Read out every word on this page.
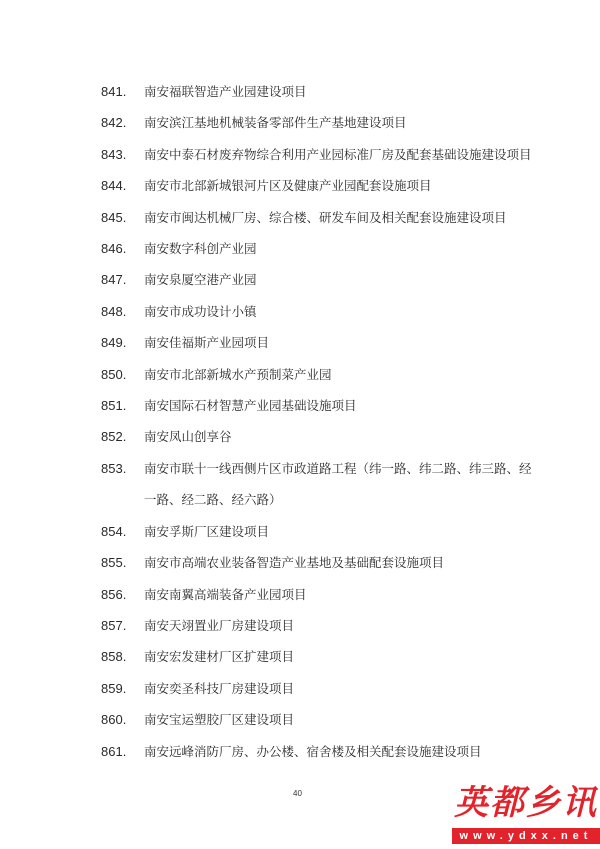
841.	南安福联智造产业园建设项目
842.	南安滨江基地机械装备零部件生产基地建设项目
843.	南安中泰石材废弃物综合利用产业园标准厂房及配套基础设施建设项目
844.	南安市北部新城银河片区及健康产业园配套设施项目
845.	南安市闽达机械厂房、综合楼、研发车间及相关配套设施建设项目
846.	南安数字科创产业园
847.	南安泉厦空港产业园
848.	南安市成功设计小镇
849.	南安佳福斯产业园项目
850.	南安市北部新城水产预制菜产业园
851.	南安国际石材智慧产业园基础设施项目
852.	南安凤山创享谷
853.	南安市联十一线西侧片区市政道路工程（纬一路、纬二路、纬三路、经一路、经二路、经六路）
854.	南安孚斯厂区建设项目
855.	南安市高端农业装备智造产业基地及基础配套设施项目
856.	南安南翼高端装备产业园项目
857.	南安天翊置业厂房建设项目
858.	南安宏发建材厂区扩建项目
859.	南安奕圣科技厂房建设项目
860.	南安宝运塑胶厂区建设项目
861.	南安远峰消防厂房、办公楼、宿舍楼及相关配套设施建设项目
40	英都乡讯
www.ydxx.net
